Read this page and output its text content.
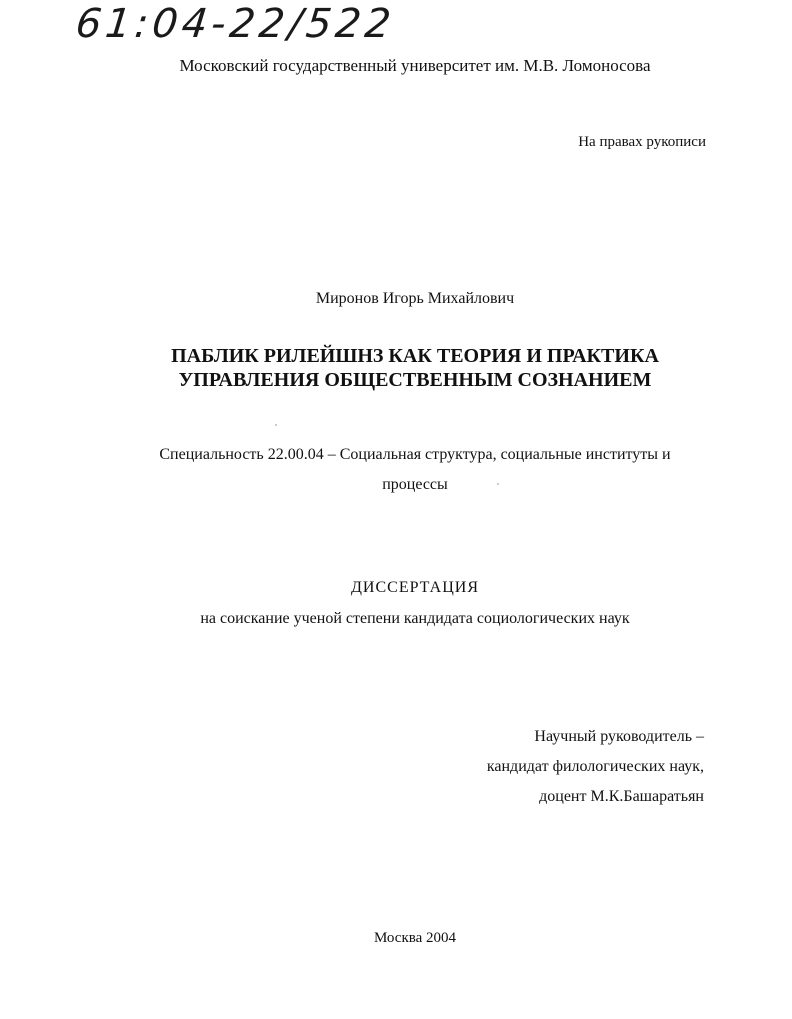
61:04-22/522
Московский государственный университет им. М.В. Ломоносова
На правах рукописи
Миронов Игорь Михайлович
ПАБЛИК РИЛЕЙШНЗ КАК ТЕОРИЯ И ПРАКТИКА
УПРАВЛЕНИЯ ОБЩЕСТВЕННЫМ СОЗНАНИЕМ
Специальность 22.00.04 – Социальная структура, социальные институты и
процессы
ДИССЕРТАЦИЯ
на соискание ученой степени кандидата социологических наук
Научный руководитель –
кандидат филологических наук,
доцент М.К.Башаратьян
Москва 2004
